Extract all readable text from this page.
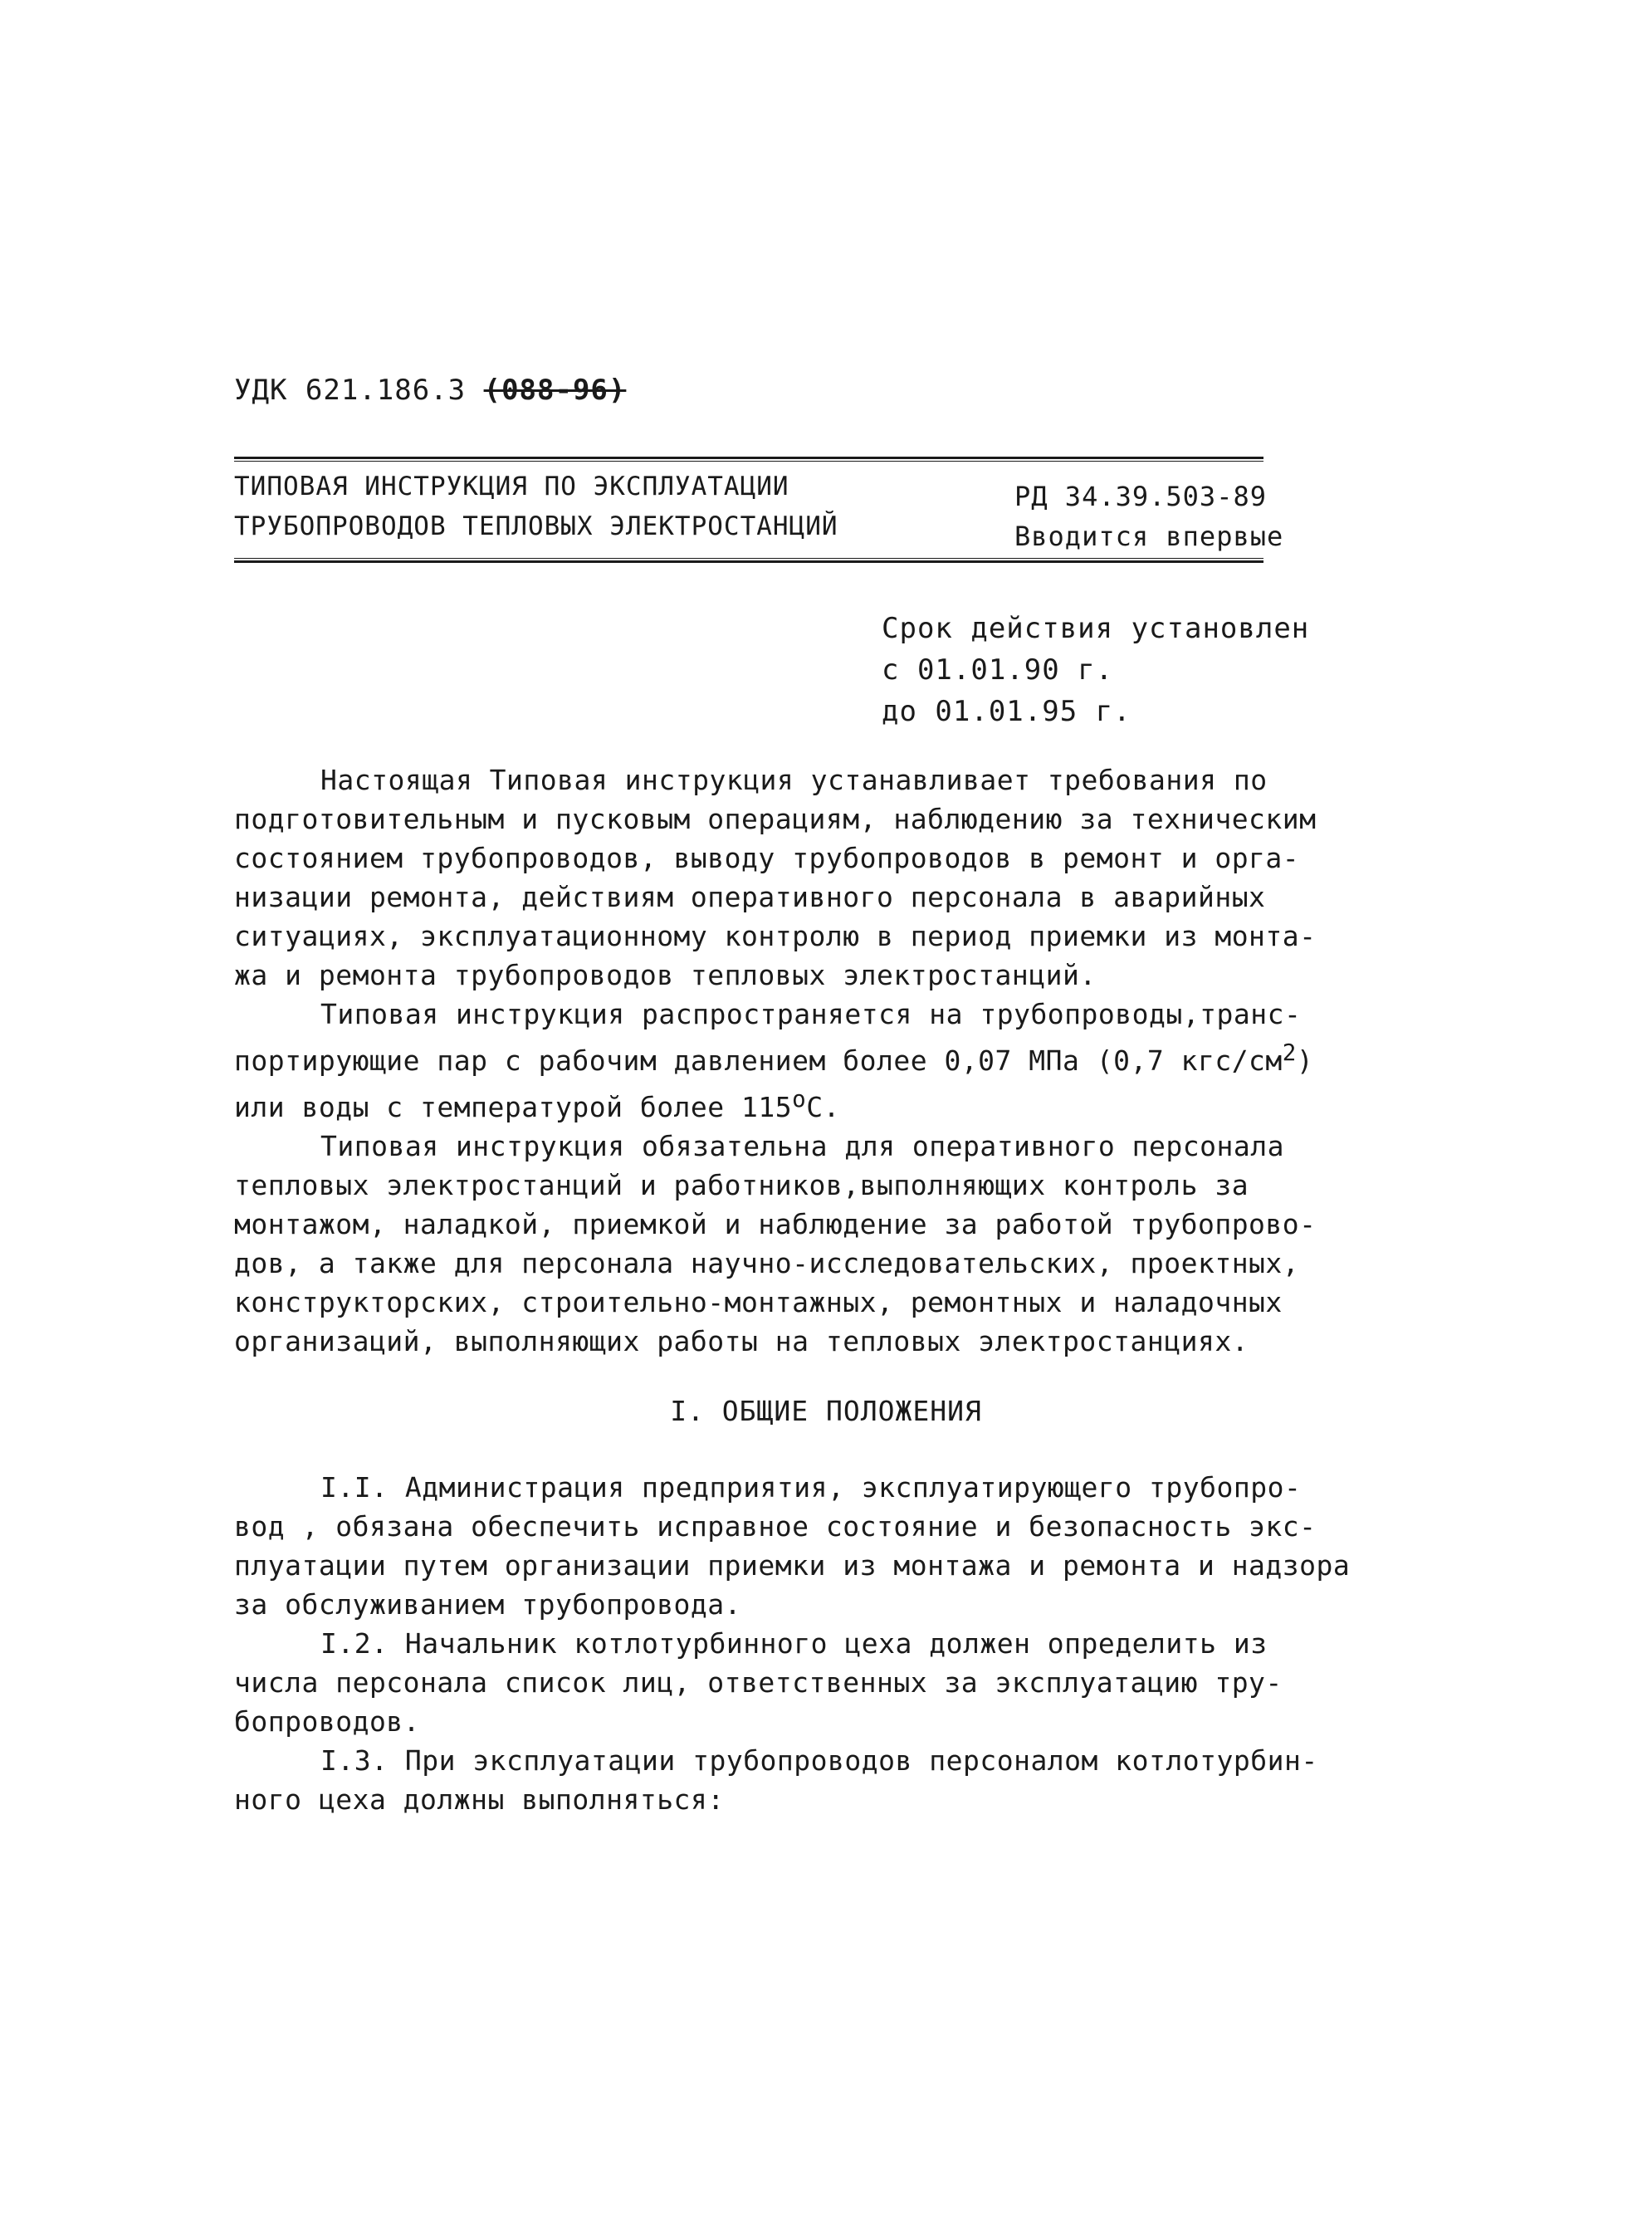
УДК 621.186.3 (088-96)
ТИПОВАЯ ИНСТРУКЦИЯ ПО ЭКСПЛУАТАЦИИ
ТРУБОПРОВОДОВ ТЕПЛОВЫХ ЭЛЕКТРОСТАНЦИЙ
РД 34.39.503-89
Вводится впервые
Срок действия установлен
с 01.01.90 г.
до 01.01.95 г.
Настоящая Типовая инструкция устанавливает требования по
подготовительным и пусковым операциям, наблюдению за техническим
состоянием трубопроводов, выводу трубопроводов в ремонт и орга-
низации ремонта, действиям оперативного персонала в аварийных
ситуациях, эксплуатационному контролю в период приемки из монта-
жа и ремонта трубопроводов тепловых электростанций.
Типовая инструкция распространяется на трубопроводы,транс-
портирующие пар с рабочим давлением более 0,07 МПа (0,7 кгс/$см^2$)
или воды с температурой более $115^оС$.
Типовая инструкция обязательна для оперативного персонала
тепловых электростанций и работников,выполняющих контроль за
монтажом, наладкой, приемкой и наблюдение за работой трубопрово-
дов, а также для персонала научно-исследовательских, проектных,
конструкторских, строительно-монтажных, ремонтных и наладочных
организаций, выполняющих работы на тепловых электростанциях.
I. ОБЩИЕ ПОЛОЖЕНИЯ
I.I. Администрация предприятия, эксплуатирующего трубопро-
вод , обязана обеспечить исправное состояние и безопасность экс-
плуатации путем организации приемки из монтажа и ремонта и надзора
за обслуживанием трубопровода.
I.2. Начальник котлотурбинного цеха должен определить из
числа персонала список лиц, ответственных за эксплуатацию тру-
бопроводов.
I.3. При эксплуатации трубопроводов персоналом котлотурбин-
ного цеха должны выполняться:
